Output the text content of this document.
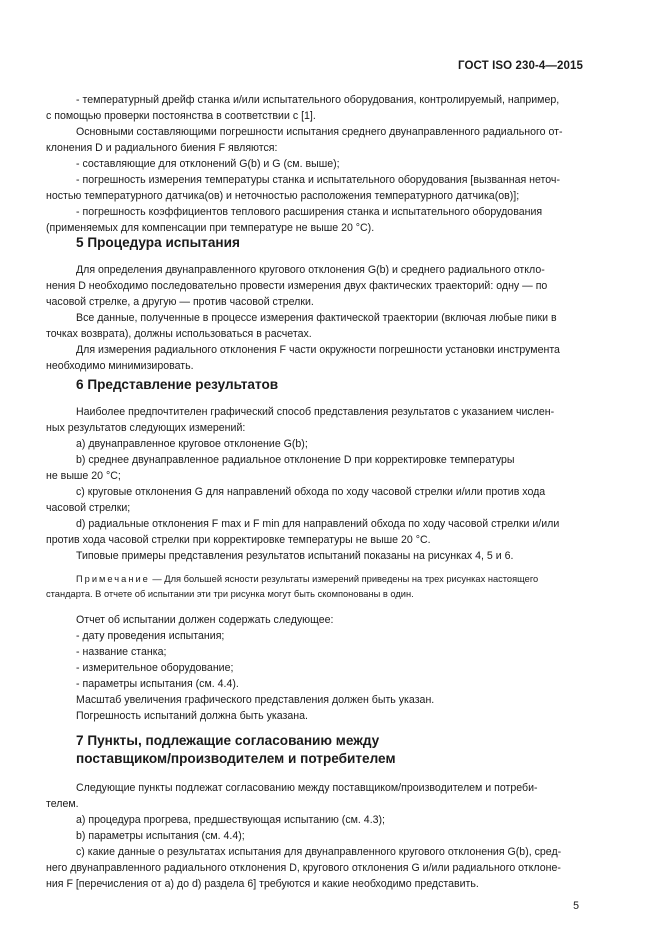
ГОСТ ISO 230-4—2015
- температурный дрейф станка и/или испытательного оборудования, контролируемый, например,
с помощью проверки постоянства в соответствии с [1].
Основными составляющими погрешности испытания среднего двунаправленного радиального от-
клонения D и радиального биения F являются:
- составляющие для отклонений G(b) и G (см. выше);
- погрешность измерения температуры станка и испытательного оборудования [вызванная неточ-
ностью температурного датчика(ов) и неточностью расположения температурного датчика(ов)];
- погрешность коэффициентов теплового расширения станка и испытательного оборудования
(применяемых для компенсации при температуре не выше 20 °С).
5 Процедура испытания
Для определения двунаправленного кругового отклонения G(b) и среднего радиального откло-
нения D необходимо последовательно провести измерения двух фактических траекторий: одну — по
часовой стрелке, а другую — против часовой стрелки.
Все данные, полученные в процессе измерения фактической траектории (включая любые пики в
точках возврата), должны использоваться в расчетах.
Для измерения радиального отклонения F части окружности погрешности установки инструмента
необходимо минимизировать.
6 Представление результатов
Наиболее предпочтителен графический способ представления результатов с указанием числен-
ных результатов следующих измерений:
а) двунаправленное круговое отклонение G(b);
b) среднее двунаправленное радиальное отклонение D при корректировке температуры
не выше 20 °С;
с) круговые отклонения G для направлений обхода по ходу часовой стрелки и/или против хода
часовой стрелки;
d) радиальные отклонения F max и F min для направлений обхода по ходу часовой стрелки и/или
против хода часовой стрелки при корректировке температуры не выше 20 °С.
Типовые примеры представления результатов испытаний показаны на рисунках 4, 5 и 6.
Примечание — Для большей ясности результаты измерений приведены на трех рисунках настоящего
стандарта. В отчете об испытании эти три рисунка могут быть скомпонованы в один.
Отчет об испытании должен содержать следующее:
- дату проведения испытания;
- название станка;
- измерительное оборудование;
- параметры испытания (см. 4.4).
Масштаб увеличения графического представления должен быть указан.
Погрешность испытаний должна быть указана.
7 Пункты, подлежащие согласованию между
поставщиком/производителем и потребителем
Следующие пункты подлежат согласованию между поставщиком/производителем и потреби-
телем.
а) процедура прогрева, предшествующая испытанию (см. 4.3);
b) параметры испытания (см. 4.4);
с) какие данные о результатах испытания для двунаправленного кругового отклонения G(b), сред-
него двунаправленного радиального отклонения D, кругового отклонения G и/или радиального отклоне-
ния F [перечисления от а) до d) раздела 6] требуются и какие необходимо представить.
5
